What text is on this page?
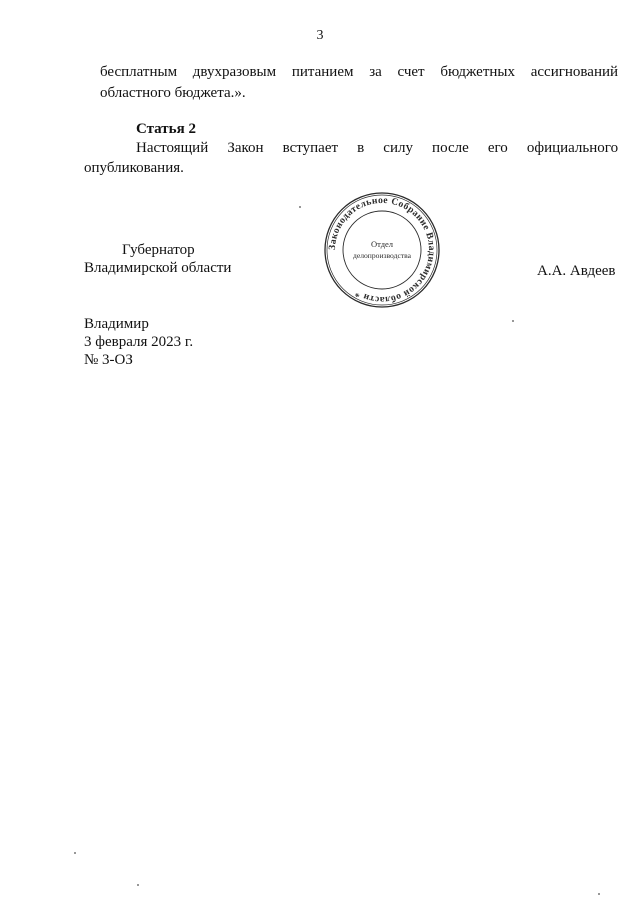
3
бесплатным двухразовым питанием за счет бюджетных ассигнований
областного бюджета.».
Статья 2
Настоящий Закон вступает в силу после его официального
опубликования.
Губернатор
Владимирской области	А.А. Авдеев
Законодательное Собрание Владимирской области *
Отдел
делопроизводства
Владимир
3 февраля 2023 г.
№ 3-ОЗ
